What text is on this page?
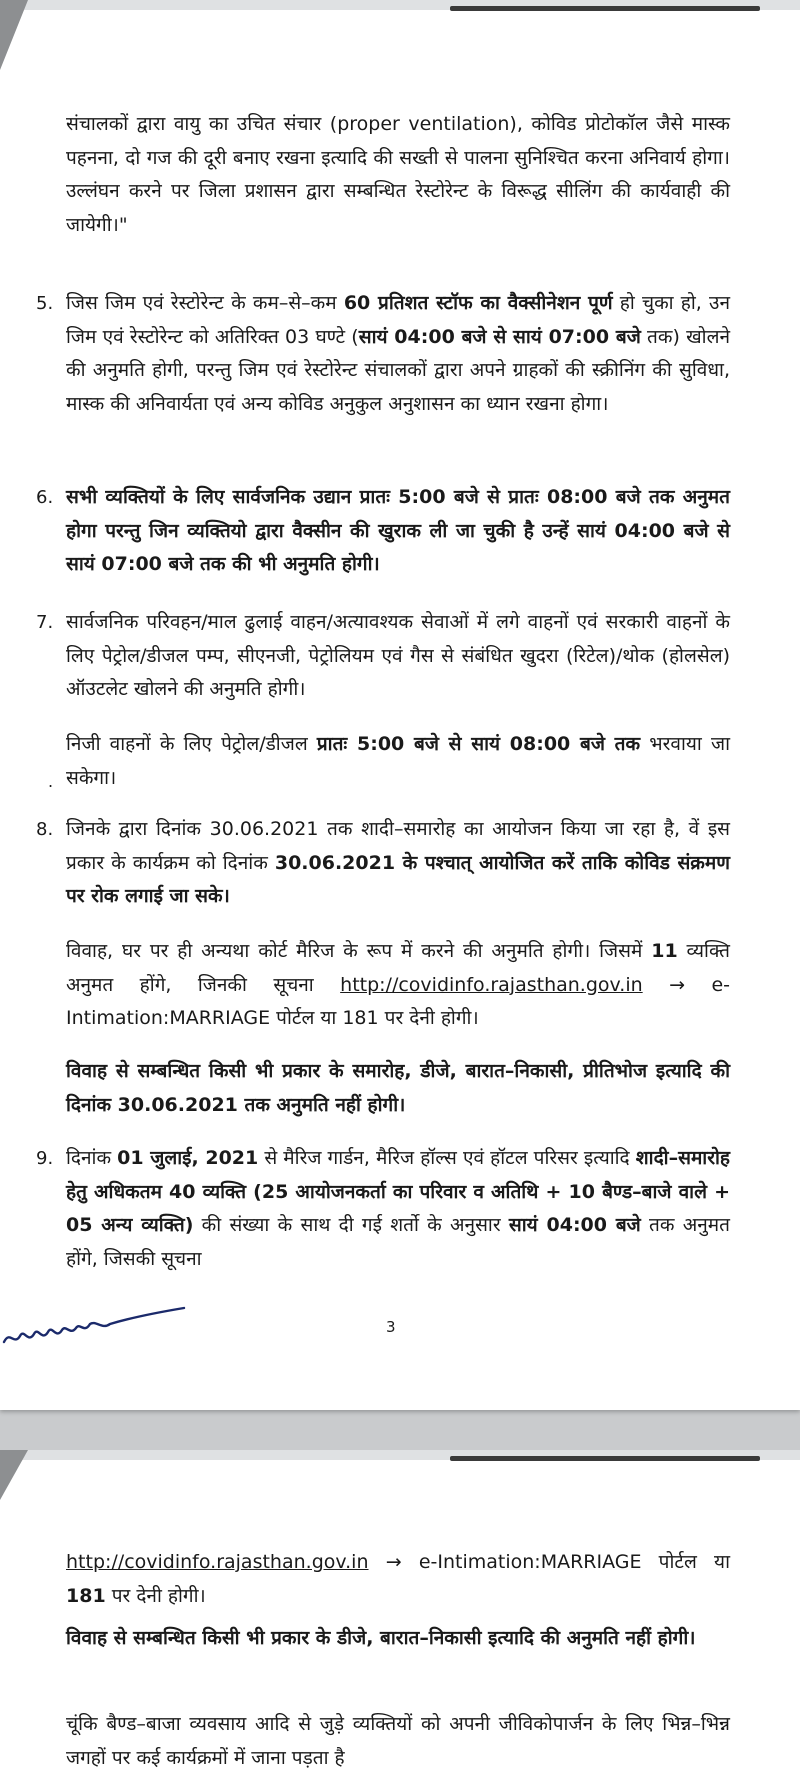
संचालकों द्वारा वायु का उचित संचार (proper ventilation), कोविड प्रोटोकॉल जैसे मास्क पहनना, दो गज की दूरी बनाए रखना इत्यादि की सख्ती से पालना सुनिश्चित करना अनिवार्य होगा। उल्लंघन करने पर जिला प्रशासन द्वारा सम्बन्धित रेस्टोरेन्ट के विरूद्ध सीलिंग की कार्यवाही की जायेगी।"

5. जिस जिम एवं रेस्टोरेन्ट के कम–से–कम 60 प्रतिशत स्टॉफ का वैक्सीनेशन पूर्ण हो चुका हो, उन जिम एवं रेस्टोरेन्ट को अतिरिक्त 03 घण्टे (सायं 04:00 बजे से सायं 07:00 बजे तक) खोलने की अनुमति होगी, परन्तु जिम एवं रेस्टोरेन्ट संचालकों द्वारा अपने ग्राहकों की स्क्रीनिंग की सुविधा, मास्क की अनिवार्यता एवं अन्य कोविड अनुकुल अनुशासन का ध्यान रखना होगा।

6. सभी व्यक्तियों के लिए सार्वजनिक उद्यान प्रातः 5:00 बजे से प्रातः 08:00 बजे तक अनुमत होगा परन्तु जिन व्यक्तियो द्वारा वैक्सीन की खुराक ली जा चुकी है उन्हें सायं 04:00 बजे से सायं 07:00 बजे तक की भी अनुमति होगी।

7. सार्वजनिक परिवहन/माल ढुलाई वाहन/अत्यावश्यक सेवाओं में लगे वाहनों एवं सरकारी वाहनों के लिए पेट्रोल/डीजल पम्प, सीएनजी, पेट्रोलियम एवं गैस से संबंधित खुदरा (रिटेल)/थोक (होलसेल) ऑउटलेट खोलने की अनुमति होगी।

.

निजी वाहनों के लिए पेट्रोल/डीजल प्रातः 5:00 बजे से सायं 08:00 बजे तक भरवाया जा सकेगा।

8. जिनके द्वारा दिनांक 30.06.2021 तक शादी–समारोह का आयोजन किया जा रहा है, वें इस प्रकार के कार्यक्रम को दिनांक 30.06.2021 के पश्चात् आयोजित करें ताकि कोविड संक्रमण पर रोक लगाई जा सके।

विवाह, घर पर ही अन्यथा कोर्ट मैरिज के रूप में करने की अनुमति होगी। जिसमें 11 व्यक्ति अनुमत होंगे, जिनकी सूचना http://covidinfo.rajasthan.gov.in → e-Intimation:MARRIAGE पोर्टल या 181 पर देनी होगी।

विवाह से सम्बन्धित किसी भी प्रकार के समारोह, डीजे, बारात–निकासी, प्रीतिभोज इत्यादि की दिनांक 30.06.2021 तक अनुमति नहीं होगी।

9. दिनांक 01 जुलाई, 2021 से मैरिज गार्डन, मैरिज हॉल्स एवं हॉटल परिसर इत्यादि शादी–समारोह हेतु अधिकतम 40 व्यक्ति (25 आयोजनकर्ता का परिवार व अतिथि + 10 बैण्ड–बाजे वाले + 05 अन्य व्यक्ति) की संख्या के साथ दी गई शर्तो के अनुसार सायं 04:00 बजे तक अनुमत होंगे, जिसकी सूचना

3

http://covidinfo.rajasthan.gov.in → e-Intimation:MARRIAGE पोर्टल या 181 पर देनी होगी।

विवाह से सम्बन्धित किसी भी प्रकार के डीजे, बारात–निकासी इत्यादि की अनुमति नहीं होगी।

चूंकि बैण्ड–बाजा व्यवसाय आदि से जुड़े व्यक्तियों को अपनी जीविकोपार्जन के लिए भिन्न–भिन्न जगहों पर कई कार्यक्रमों में जाना पड़ता है
